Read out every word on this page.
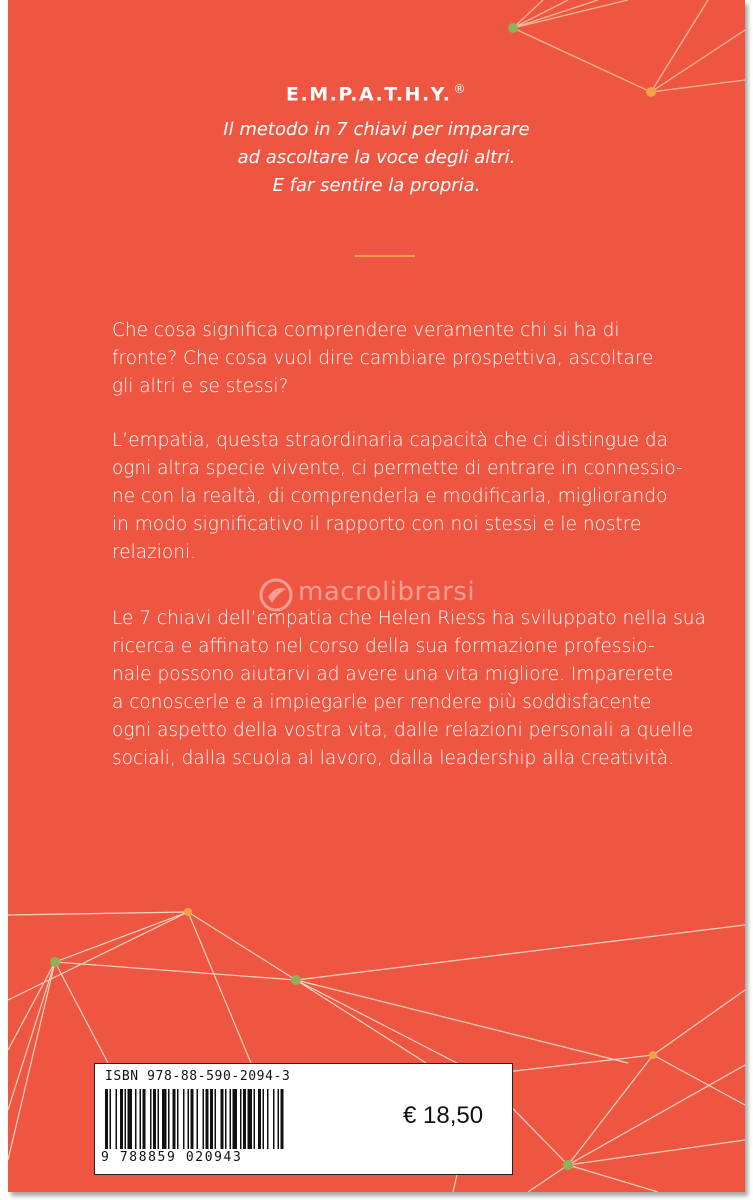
E.M.P.A.T.H.Y. ®
Il metodo in 7 chiavi per imparare
ad ascoltare la voce degli altri.
E far sentire la propria.
Che cosa significa comprendere veramente chi si ha di
fronte? Che cosa vuol dire cambiare prospettiva, ascoltare
gli altri e se stessi?
L’empatia, questa straordinaria capacità che ci distingue da
ogni altra specie vivente, ci permette di entrare in connessio-
ne con la realtà, di comprenderla e modificarla, migliorando
in modo significativo il rapporto con noi stessi e le nostre
relazioni.
Le 7 chiavi dell’empatia che Helen Riess ha sviluppato nella sua
ricerca e affinato nel corso della sua formazione professio-
nale possono aiutarvi ad avere una vita migliore. Imparerete
a conoscerle e a impiegarle per rendere più soddisfacente
ogni aspetto della vostra vita, dalle relazioni personali a quelle
sociali, dalla scuola al lavoro, dalla leadership alla creatività.
macrolibrarsi
ISBN 978-88-590-2094-3
9 788859 020943
€ 18,50
